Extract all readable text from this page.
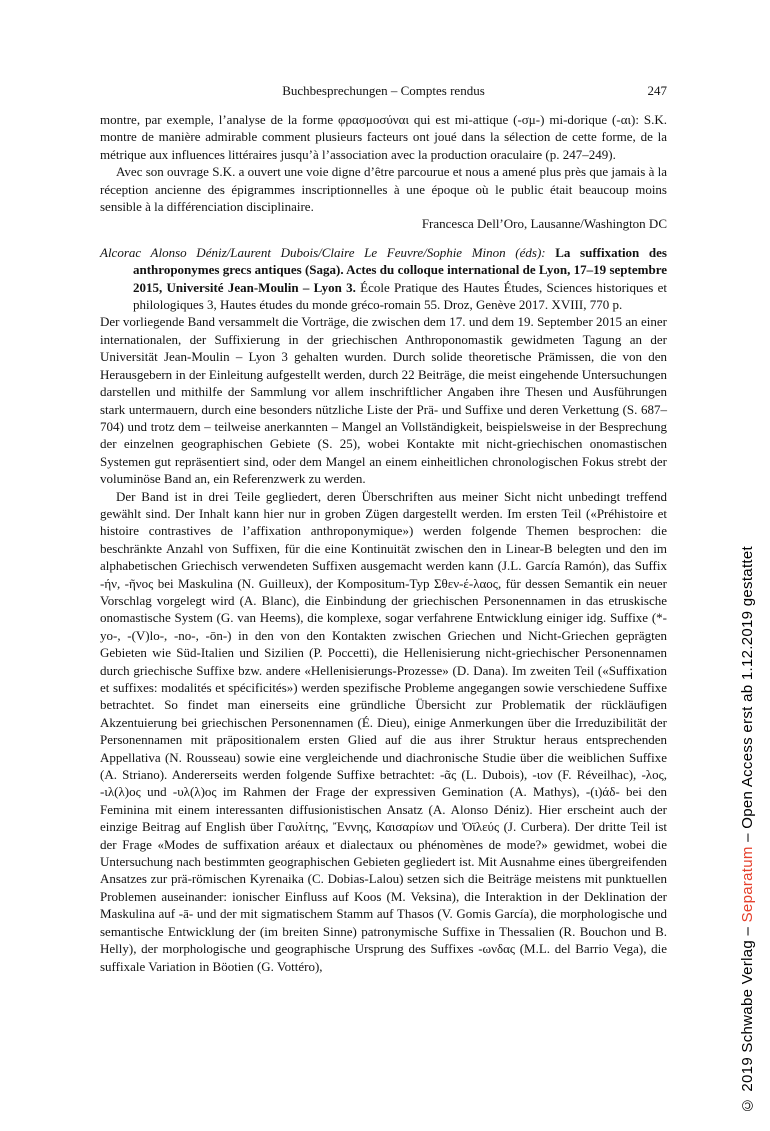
Buchbesprechungen – Comptes rendus	247

montre, par exemple, l’analyse de la forme φρασμοσύναι qui est mi-attique (-σμ-) mi-dorique (-αι): S.K. montre de manière admirable comment plusieurs facteurs ont joué dans la sélection de cette forme, de la métrique aux influences littéraires jusqu’à l’association avec la production oraculaire (p. 247–249).

Avec son ouvrage S.K. a ouvert une voie digne d’être parcourue et nous a amené plus près que jamais à la réception ancienne des épigrammes inscriptionnelles à une époque où le public était beaucoup moins sensible à la différenciation disciplinaire.

Francesca Dell’Oro, Lausanne/Washington DC

Alcorac Alonso Déniz/Laurent Dubois/Claire Le Feuvre/Sophie Minon (éds): La suffixation des anthroponymes grecs antiques (Saga). Actes du colloque international de Lyon, 17–19 septembre 2015, Université Jean-Moulin – Lyon 3. École Pratique des Hautes Études, Sciences historiques et philologiques 3, Hautes études du monde gréco-romain 55. Droz, Genève 2017. XVIII, 770 p.

Der vorliegende Band versammelt die Vorträge, die zwischen dem 17. und dem 19. September 2015 an einer internationalen, der Suffixierung in der griechischen Anthroponomastik gewidmeten Tagung an der Universität Jean-Moulin – Lyon 3 gehalten wurden. Durch solide theoretische Prämissen, die von den Herausgebern in der Einleitung aufgestellt werden, durch 22 Beiträge, die meist eingehende Untersuchungen darstellen und mithilfe der Sammlung vor allem inschriftlicher Angaben ihre Thesen und Ausführungen stark untermauern, durch eine besonders nützliche Liste der Prä- und Suffixe und deren Verkettung (S. 687–704) und trotz dem – teilweise anerkannten – Mangel an Vollständigkeit, beispielsweise in der Besprechung der einzelnen geographischen Gebiete (S. 25), wobei Kontakte mit nicht-griechischen onomastischen Systemen gut repräsentiert sind, oder dem Mangel an einem einheitlichen chronologischen Fokus strebt der voluminöse Band an, ein Referenzwerk zu werden.

Der Band ist in drei Teile gegliedert, deren Überschriften aus meiner Sicht nicht unbedingt treffend gewählt sind. Der Inhalt kann hier nur in groben Zügen dargestellt werden. Im ersten Teil («Préhistoire et histoire contrastives de l’affixation anthroponymique») werden folgende Themen besprochen: die beschränkte Anzahl von Suffixen, für die eine Kontinuität zwischen den in Linear-B belegten und den im alphabetischen Griechisch verwendeten Suffixen ausgemacht werden kann (J.L. García Ramón), das Suffix -ήν, -ῆνος bei Maskulina (N. Guilleux), der Kompositum-Typ Σθεν-έ-λαος, für dessen Semantik ein neuer Vorschlag vorgelegt wird (A. Blanc), die Einbindung der griechischen Personennamen in das etruskische onomastische System (G. van Heems), die komplexe, sogar verfahrene Entwicklung einiger idg. Suffixe (*-yo-, -(V)lo-, -no-, -ōn-) in den von den Kontakten zwischen Griechen und Nicht-Griechen geprägten Gebieten wie Süd-Italien und Sizilien (P. Poccetti), die Hellenisierung nicht-griechischer Personennamen durch griechische Suffixe bzw. andere «Hellenisierungs-Prozesse» (D. Dana). Im zweiten Teil («Suffixation et suffixes: modalités et spécificités») werden spezifische Probleme angegangen sowie verschiedene Suffixe betrachtet. So findet man einerseits eine gründliche Übersicht zur Problematik der rückläufigen Akzentuierung bei griechischen Personennamen (É. Dieu), einige Anmerkungen über die Irreduzibilität der Personennamen mit präpositionalem ersten Glied auf die aus ihrer Struktur heraus entsprechenden Appellativa (N. Rousseau) sowie eine vergleichende und diachronische Studie über die weiblichen Suffixe (A. Striano). Andererseits werden folgende Suffixe betrachtet: -ᾶς (L. Dubois), -ιον (F. Réveilhac), -λος, -ιλ(λ)ος und -υλ(λ)ος im Rahmen der Frage der expressiven Gemination (A. Mathys), -(ι)άδ- bei den Feminina mit einem interessanten diffusionistischen Ansatz (A. Alonso Déniz). Hier erscheint auch der einzige Beitrag auf English über Γαυλίτης, Ἔννης, Καισαρίων und Ὀϊλεύς (J. Curbera). Der dritte Teil ist der Frage «Modes de suffixation aréaux et dialectaux ou phénomènes de mode?» gewidmet, wobei die Untersuchung nach bestimmten geographischen Gebieten gegliedert ist. Mit Ausnahme eines übergreifenden Ansatzes zur prä-römischen Kyrenaika (C. Dobias-Lalou) setzen sich die Beiträge meistens mit punktuellen Problemen auseinander: ionischer Einfluss auf Koos (M. Veksina), die Interaktion in der Deklination der Maskulina auf -ā- und der mit sigmatischem Stamm auf Thasos (V. Gomis García), die morphologische und semantische Entwicklung der (im breiten Sinne) patronymische Suffixe in Thessalien (R. Bouchon und B. Helly), der morphologische und geographische Ursprung des Suffixes -ωνδας (M.L. del Barrio Vega), die suffixale Variation in Böotien (G. Vottéro),	© 2019 Schwabe Verlag – Separatum – Open Access erst ab 1.12.2019 gestattet
